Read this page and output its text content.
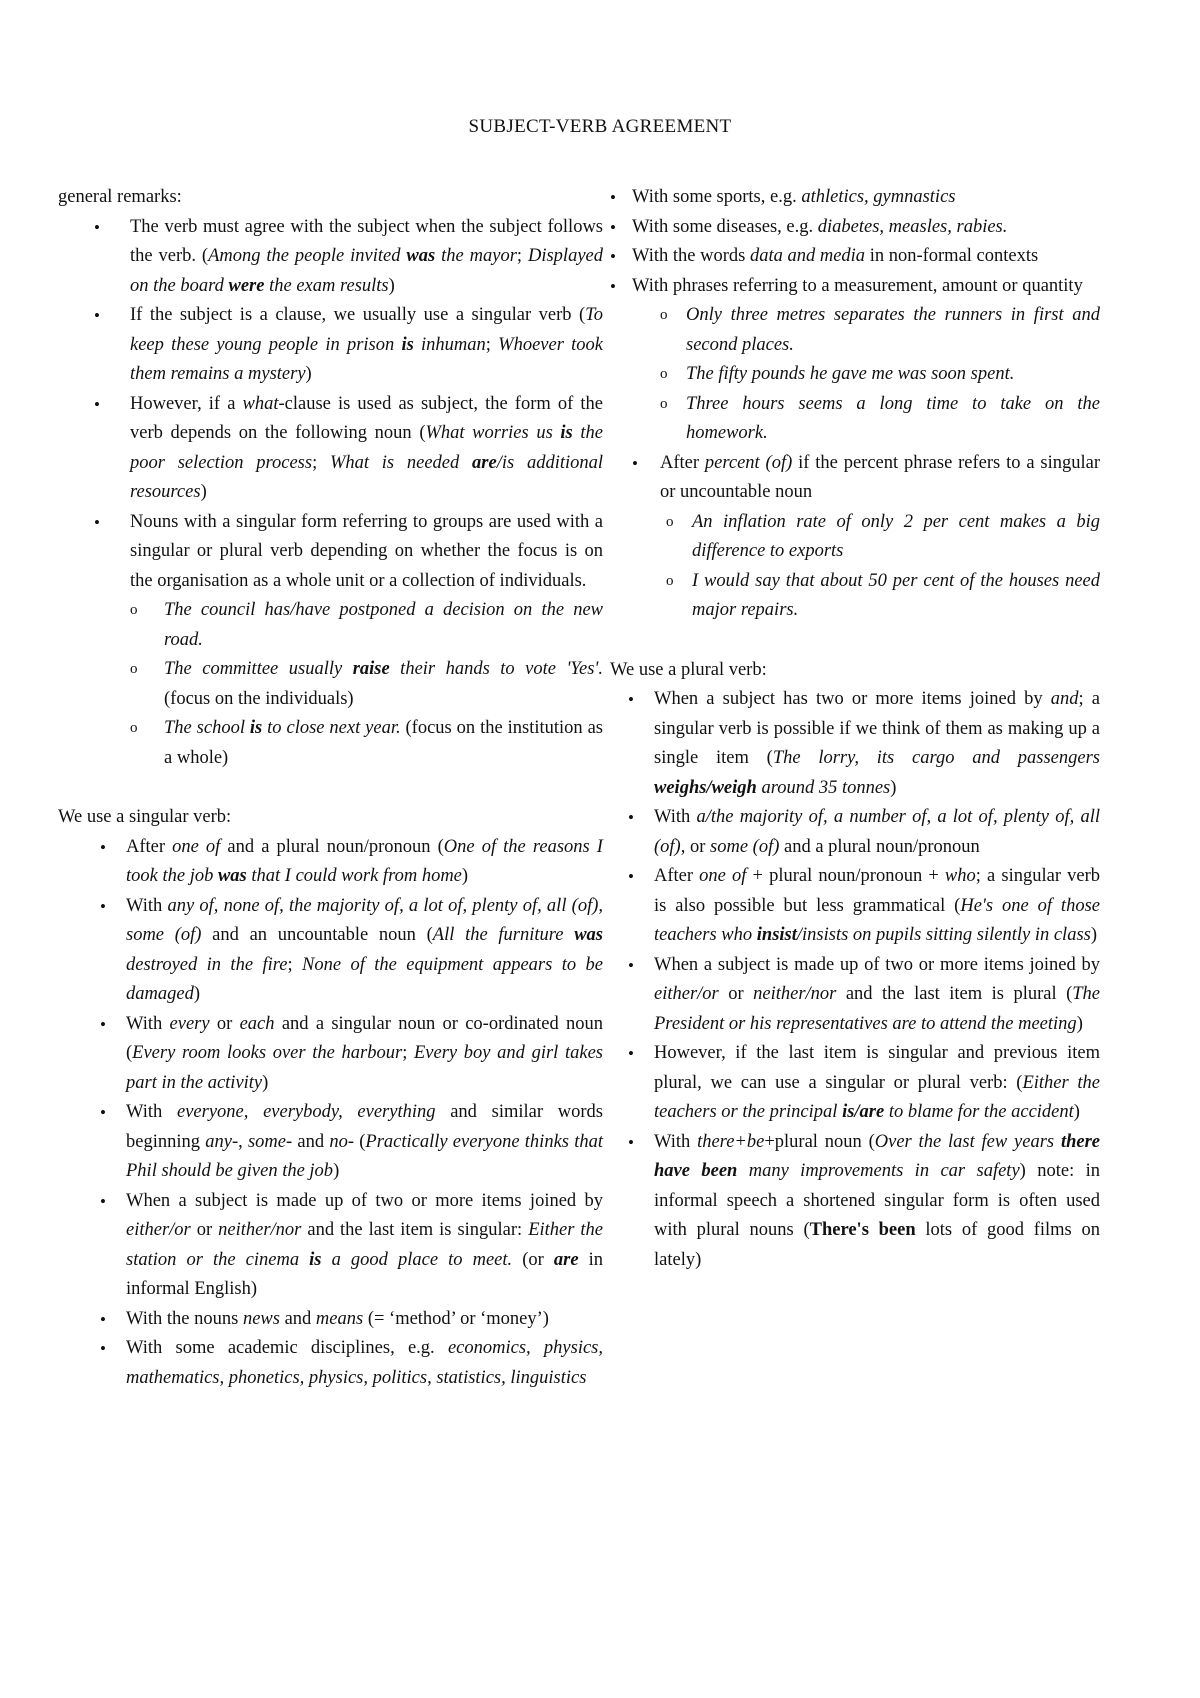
SUBJECT-VERB AGREEMENT
general remarks:
• The verb must agree with the subject when the subject follows the verb. (Among the people invited was the mayor; Displayed on the board were the exam results)
• If the subject is a clause, we usually use a singular verb (To keep these young people in prison is inhuman; Whoever took them remains a mystery)
• However, if a what-clause is used as subject, the form of the verb depends on the following noun (What worries us is the poor selection process; What is needed are/is additional resources)
• Nouns with a singular form referring to groups are used with a singular or plural verb depending on whether the focus is on the organisation as a whole unit or a collection of individuals.
o The council has/have postponed a decision on the new road.
o The committee usually raise their hands to vote 'Yes'. (focus on the individuals)
o The school is to close next year. (focus on the institution as a whole)
We use a singular verb:
• After one of and a plural noun/pronoun (One of the reasons I took the job was that I could work from home)
• With any of, none of, the majority of, a lot of, plenty of, all (of), some (of) and an uncountable noun (All the furniture was destroyed in the fire; None of the equipment appears to be damaged)
• With every or each and a singular noun or co-ordinated noun (Every room looks over the harbour; Every boy and girl takes part in the activity)
• With everyone, everybody, everything and similar words beginning any-, some- and no- (Practically everyone thinks that Phil should be given the job)
• When a subject is made up of two or more items joined by either/or or neither/nor and the last item is singular: Either the station or the cinema is a good place to meet. (or are in informal English)
• With the nouns news and means (= ‘method’ or ‘money’)
• With some academic disciplines, e.g. economics, physics, mathematics, phonetics, physics, politics, statistics, linguistics
• With some sports, e.g. athletics, gymnastics
• With some diseases, e.g. diabetes, measles, rabies.
• With the words data and media in non-formal contexts
• With phrases referring to a measurement, amount or quantity
o Only three metres separates the runners in first and second places.
o The fifty pounds he gave me was soon spent.
o Three hours seems a long time to take on the homework.
• After percent (of) if the percent phrase refers to a singular or uncountable noun
o An inflation rate of only 2 per cent makes a big difference to exports
o I would say that about 50 per cent of the houses need major repairs.
We use a plural verb:
• When a subject has two or more items joined by and; a singular verb is possible if we think of them as making up a single item (The lorry, its cargo and passengers weighs/weigh around 35 tonnes)
• With a/the majority of, a number of, a lot of, plenty of, all (of), or some (of) and a plural noun/pronoun
• After one of + plural noun/pronoun + who; a singular verb is also possible but less grammatical (He's one of those teachers who insist/insists on pupils sitting silently in class)
• When a subject is made up of two or more items joined by either/or or neither/nor and the last item is plural (The President or his representatives are to attend the meeting)
• However, if the last item is singular and previous item plural, we can use a singular or plural verb: (Either the teachers or the principal is/are to blame for the accident)
• With there+be+plural noun (Over the last few years there have been many improvements in car safety) note: in informal speech a shortened singular form is often used with plural nouns (There's been lots of good films on lately)
